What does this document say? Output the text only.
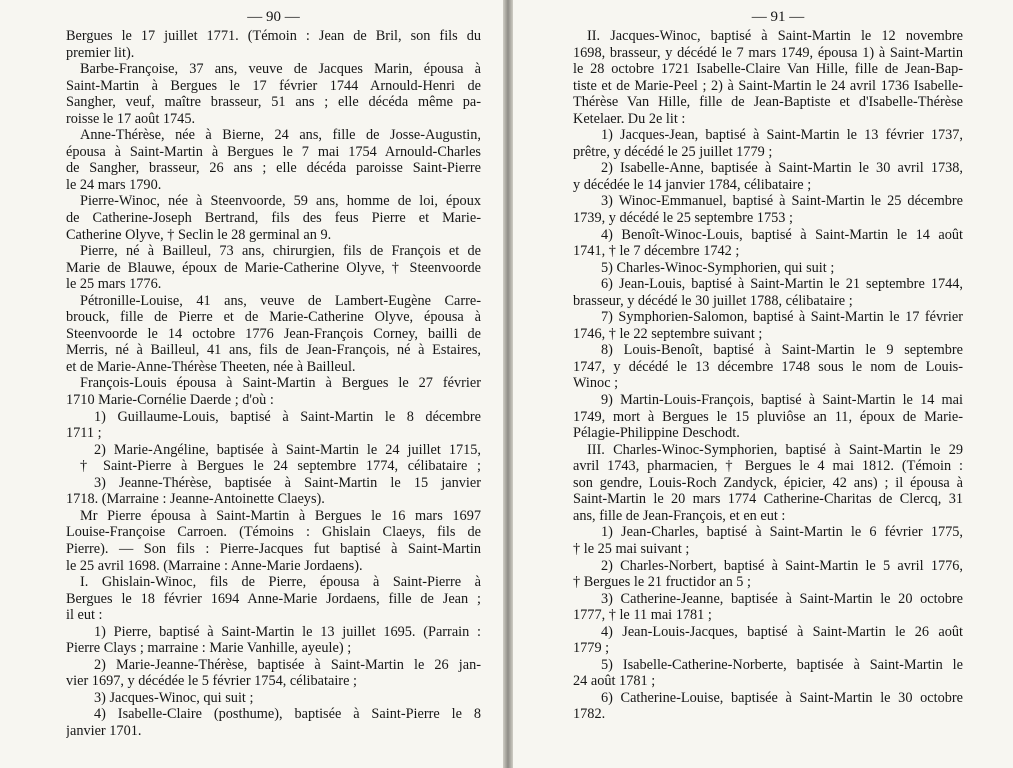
— 90 —
Bergues le 17 juillet 1771. (Témoin : Jean de Bril, son fils du
premier lit).
Barbe-Françoise, 37 ans, veuve de Jacques Marin, épousa à
Saint-Martin à Bergues le 17 février 1744 Arnould-Henri de
Sangher, veuf, maître brasseur, 51 ans ; elle décéda même pa-
roisse le 17 août 1745.
Anne-Thérèse, née à Bierne, 24 ans, fille de Josse-Augustin,
épousa à Saint-Martin à Bergues le 7 mai 1754 Arnould-Charles
de Sangher, brasseur, 26 ans ; elle décéda paroisse Saint-Pierre
le 24 mars 1790.
Pierre-Winoc, née à Steenvoorde, 59 ans, homme de loi, époux
de Catherine-Joseph Bertrand, fils des feus Pierre et Marie-
Catherine Olyve, † Seclin le 28 germinal an 9.
Pierre, né à Bailleul, 73 ans, chirurgien, fils de François et de
Marie de Blauwe, époux de Marie-Catherine Olyve, † Steenvoorde
le 25 mars 1776.
Pétronille-Louise, 41 ans, veuve de Lambert-Eugène Carre-
brouck, fille de Pierre et de Marie-Catherine Olyve, épousa à
Steenvoorde le 14 octobre 1776 Jean-François Corney, bailli de
Merris, né à Bailleul, 41 ans, fils de Jean-François, né à Estaires,
et de Marie-Anne-Thérèse Theeten, née à Bailleul.
François-Louis épousa à Saint-Martin à Bergues le 27 février
1710 Marie-Cornélie Daerde ; d'où :
1) Guillaume-Louis, baptisé à Saint-Martin le 8 décembre
1711 ;
2) Marie-Angéline, baptisée à Saint-Martin le 24 juillet 1715,
† Saint-Pierre à Bergues le 24 septembre 1774, célibataire ;
3) Jeanne-Thérèse, baptisée à Saint-Martin le 15 janvier
1718. (Marraine : Jeanne-Antoinette Claeys).
Mr Pierre épousa à Saint-Martin à Bergues le 16 mars 1697
Louise-Françoise Carroen. (Témoins : Ghislain Claeys, fils de
Pierre). — Son fils : Pierre-Jacques fut baptisé à Saint-Martin
le 25 avril 1698. (Marraine : Anne-Marie Jordaens).
I. Ghislain-Winoc, fils de Pierre, épousa à Saint-Pierre à
Bergues le 18 février 1694 Anne-Marie Jordaens, fille de Jean ;
il eut :
1) Pierre, baptisé à Saint-Martin le 13 juillet 1695. (Parrain :
Pierre Clays ; marraine : Marie Vanhille, ayeule) ;
2) Marie-Jeanne-Thérèse, baptisée à Saint-Martin le 26 jan-
vier 1697, y décédée le 5 février 1754, célibataire ;
3) Jacques-Winoc, qui suit ;
4) Isabelle-Claire (posthume), baptisée à Saint-Pierre le 8
janvier 1701.
— 91 —
II. Jacques-Winoc, baptisé à Saint-Martin le 12 novembre
1698, brasseur, y décédé le 7 mars 1749, épousa 1) à Saint-Martin
le 28 octobre 1721 Isabelle-Claire Van Hille, fille de Jean-Bap-
tiste et de Marie-Peel ; 2) à Saint-Martin le 24 avril 1736 Isabelle-
Thérèse Van Hille, fille de Jean-Baptiste et d'Isabelle-Thérèse
Ketelaer. Du 2e lit :
1) Jacques-Jean, baptisé à Saint-Martin le 13 février 1737,
prêtre, y décédé le 25 juillet 1779 ;
2) Isabelle-Anne, baptisée à Saint-Martin le 30 avril 1738,
y décédée le 14 janvier 1784, célibataire ;
3) Winoc-Emmanuel, baptisé à Saint-Martin le 25 décembre
1739, y décédé le 25 septembre 1753 ;
4) Benoît-Winoc-Louis, baptisé à Saint-Martin le 14 août
1741, † le 7 décembre 1742 ;
5) Charles-Winoc-Symphorien, qui suit ;
6) Jean-Louis, baptisé à Saint-Martin le 21 septembre 1744,
brasseur, y décédé le 30 juillet 1788, célibataire ;
7) Symphorien-Salomon, baptisé à Saint-Martin le 17 février
1746, † le 22 septembre suivant ;
8) Louis-Benoît, baptisé à Saint-Martin le 9 septembre
1747, y décédé le 13 décembre 1748 sous le nom de Louis-
Winoc ;
9) Martin-Louis-François, baptisé à Saint-Martin le 14 mai
1749, mort à Bergues le 15 pluviôse an 11, époux de Marie-
Pélagie-Philippine Deschodt.
III. Charles-Winoc-Symphorien, baptisé à Saint-Martin le 29
avril 1743, pharmacien, † Bergues le 4 mai 1812. (Témoin :
son gendre, Louis-Roch Zandyck, épicier, 42 ans) ; il épousa à
Saint-Martin le 20 mars 1774 Catherine-Charitas de Clercq, 31
ans, fille de Jean-François, et en eut :
1) Jean-Charles, baptisé à Saint-Martin le 6 février 1775,
† le 25 mai suivant ;
2) Charles-Norbert, baptisé à Saint-Martin le 5 avril 1776,
† Bergues le 21 fructidor an 5 ;
3) Catherine-Jeanne, baptisée à Saint-Martin le 20 octobre
1777, † le 11 mai 1781 ;
4) Jean-Louis-Jacques, baptisé à Saint-Martin le 26 août
1779 ;
5) Isabelle-Catherine-Norberte, baptisée à Saint-Martin le
24 août 1781 ;
6) Catherine-Louise, baptisée à Saint-Martin le 30 octobre
1782.
